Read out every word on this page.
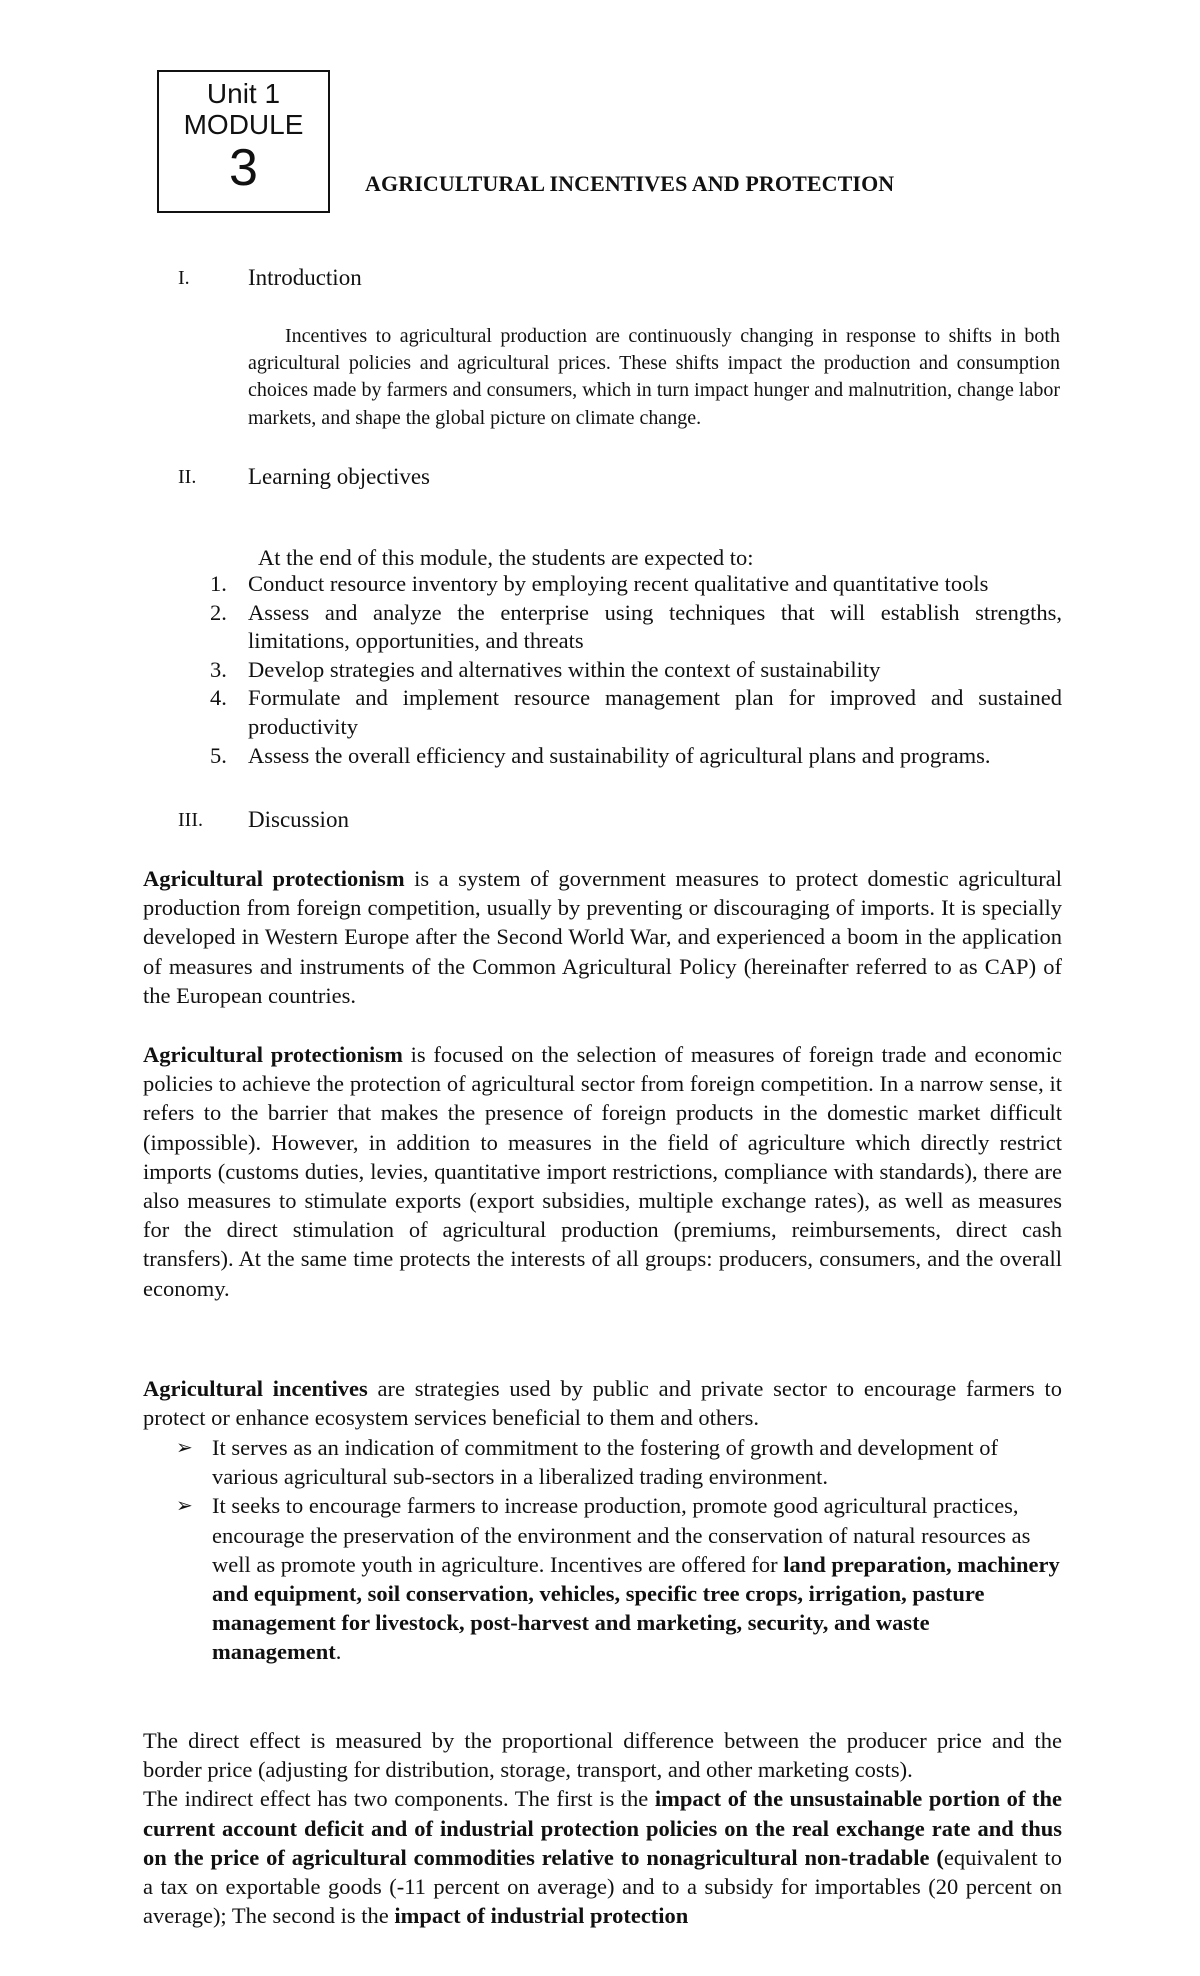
Unit 1
MODULE
3	AGRICULTURAL INCENTIVES AND PROTECTION
I.	Introduction

Incentives to agricultural production are continuously changing in response to shifts in both agricultural policies and agricultural prices. These shifts impact the production and consumption choices made by farmers and consumers, which in turn impact hunger and malnutrition, change labor markets, and shape the global picture on climate change.

II. Learning objectives
At the end of this module, the students are expected to:
1. Conduct resource inventory by employing recent qualitative and quantitative tools
2. Assess and analyze the enterprise using techniques that will establish strengths, limitations, opportunities, and threats
3. Develop strategies and alternatives within the context of sustainability
4. Formulate and implement resource management plan for improved and sustained productivity
5. Assess the overall efficiency and sustainability of agricultural plans and programs.
III. Discussion

Agricultural protectionism is a system of government measures to protect domestic agricultural production from foreign competition, usually by preventing or discouraging of imports. It is specially developed in Western Europe after the Second World War, and experienced a boom in the application of measures and instruments of the Common Agricultural Policy (hereinafter referred to as CAP) of the European countries.

Agricultural protectionism is focused on the selection of measures of foreign trade and economic policies to achieve the protection of agricultural sector from foreign competition. In a narrow sense, it refers to the barrier that makes the presence of foreign products in the domestic market difficult (impossible). However, in addition to measures in the field of agriculture which directly restrict imports (customs duties, levies, quantitative import restrictions, compliance with standards), there are also measures to stimulate exports (export subsidies, multiple exchange rates), as well as measures for the direct stimulation of agricultural production (premiums, reimbursements, direct cash transfers). At the same time protects the interests of all groups: producers, consumers, and the overall economy.

Agricultural incentives are strategies used by public and private sector to encourage farmers to protect or enhance ecosystem services beneficial to them and others.

➢ It serves as an indication of commitment to the fostering of growth and development of various agricultural sub-sectors in a liberalized trading environment.
➢ It seeks to encourage farmers to increase production, promote good agricultural practices, encourage the preservation of the environment and the conservation of natural resources as well as promote youth in agriculture. Incentives are offered for land preparation, machinery and equipment, soil conservation, vehicles, specific tree crops, irrigation, pasture management for livestock, post-harvest and marketing, security, and waste management.

The direct effect is measured by the proportional difference between the producer price and the border price (adjusting for distribution, storage, transport, and other marketing costs).
The indirect effect has two components. The first is the impact of the unsustainable portion of the current account deficit and of industrial protection policies on the real exchange rate and thus on the price of agricultural commodities relative to nonagricultural non-tradable (equivalent to a tax on exportable goods (-11 percent on average) and to a subsidy for importables (20 percent on average); The second is the impact of industrial protection
